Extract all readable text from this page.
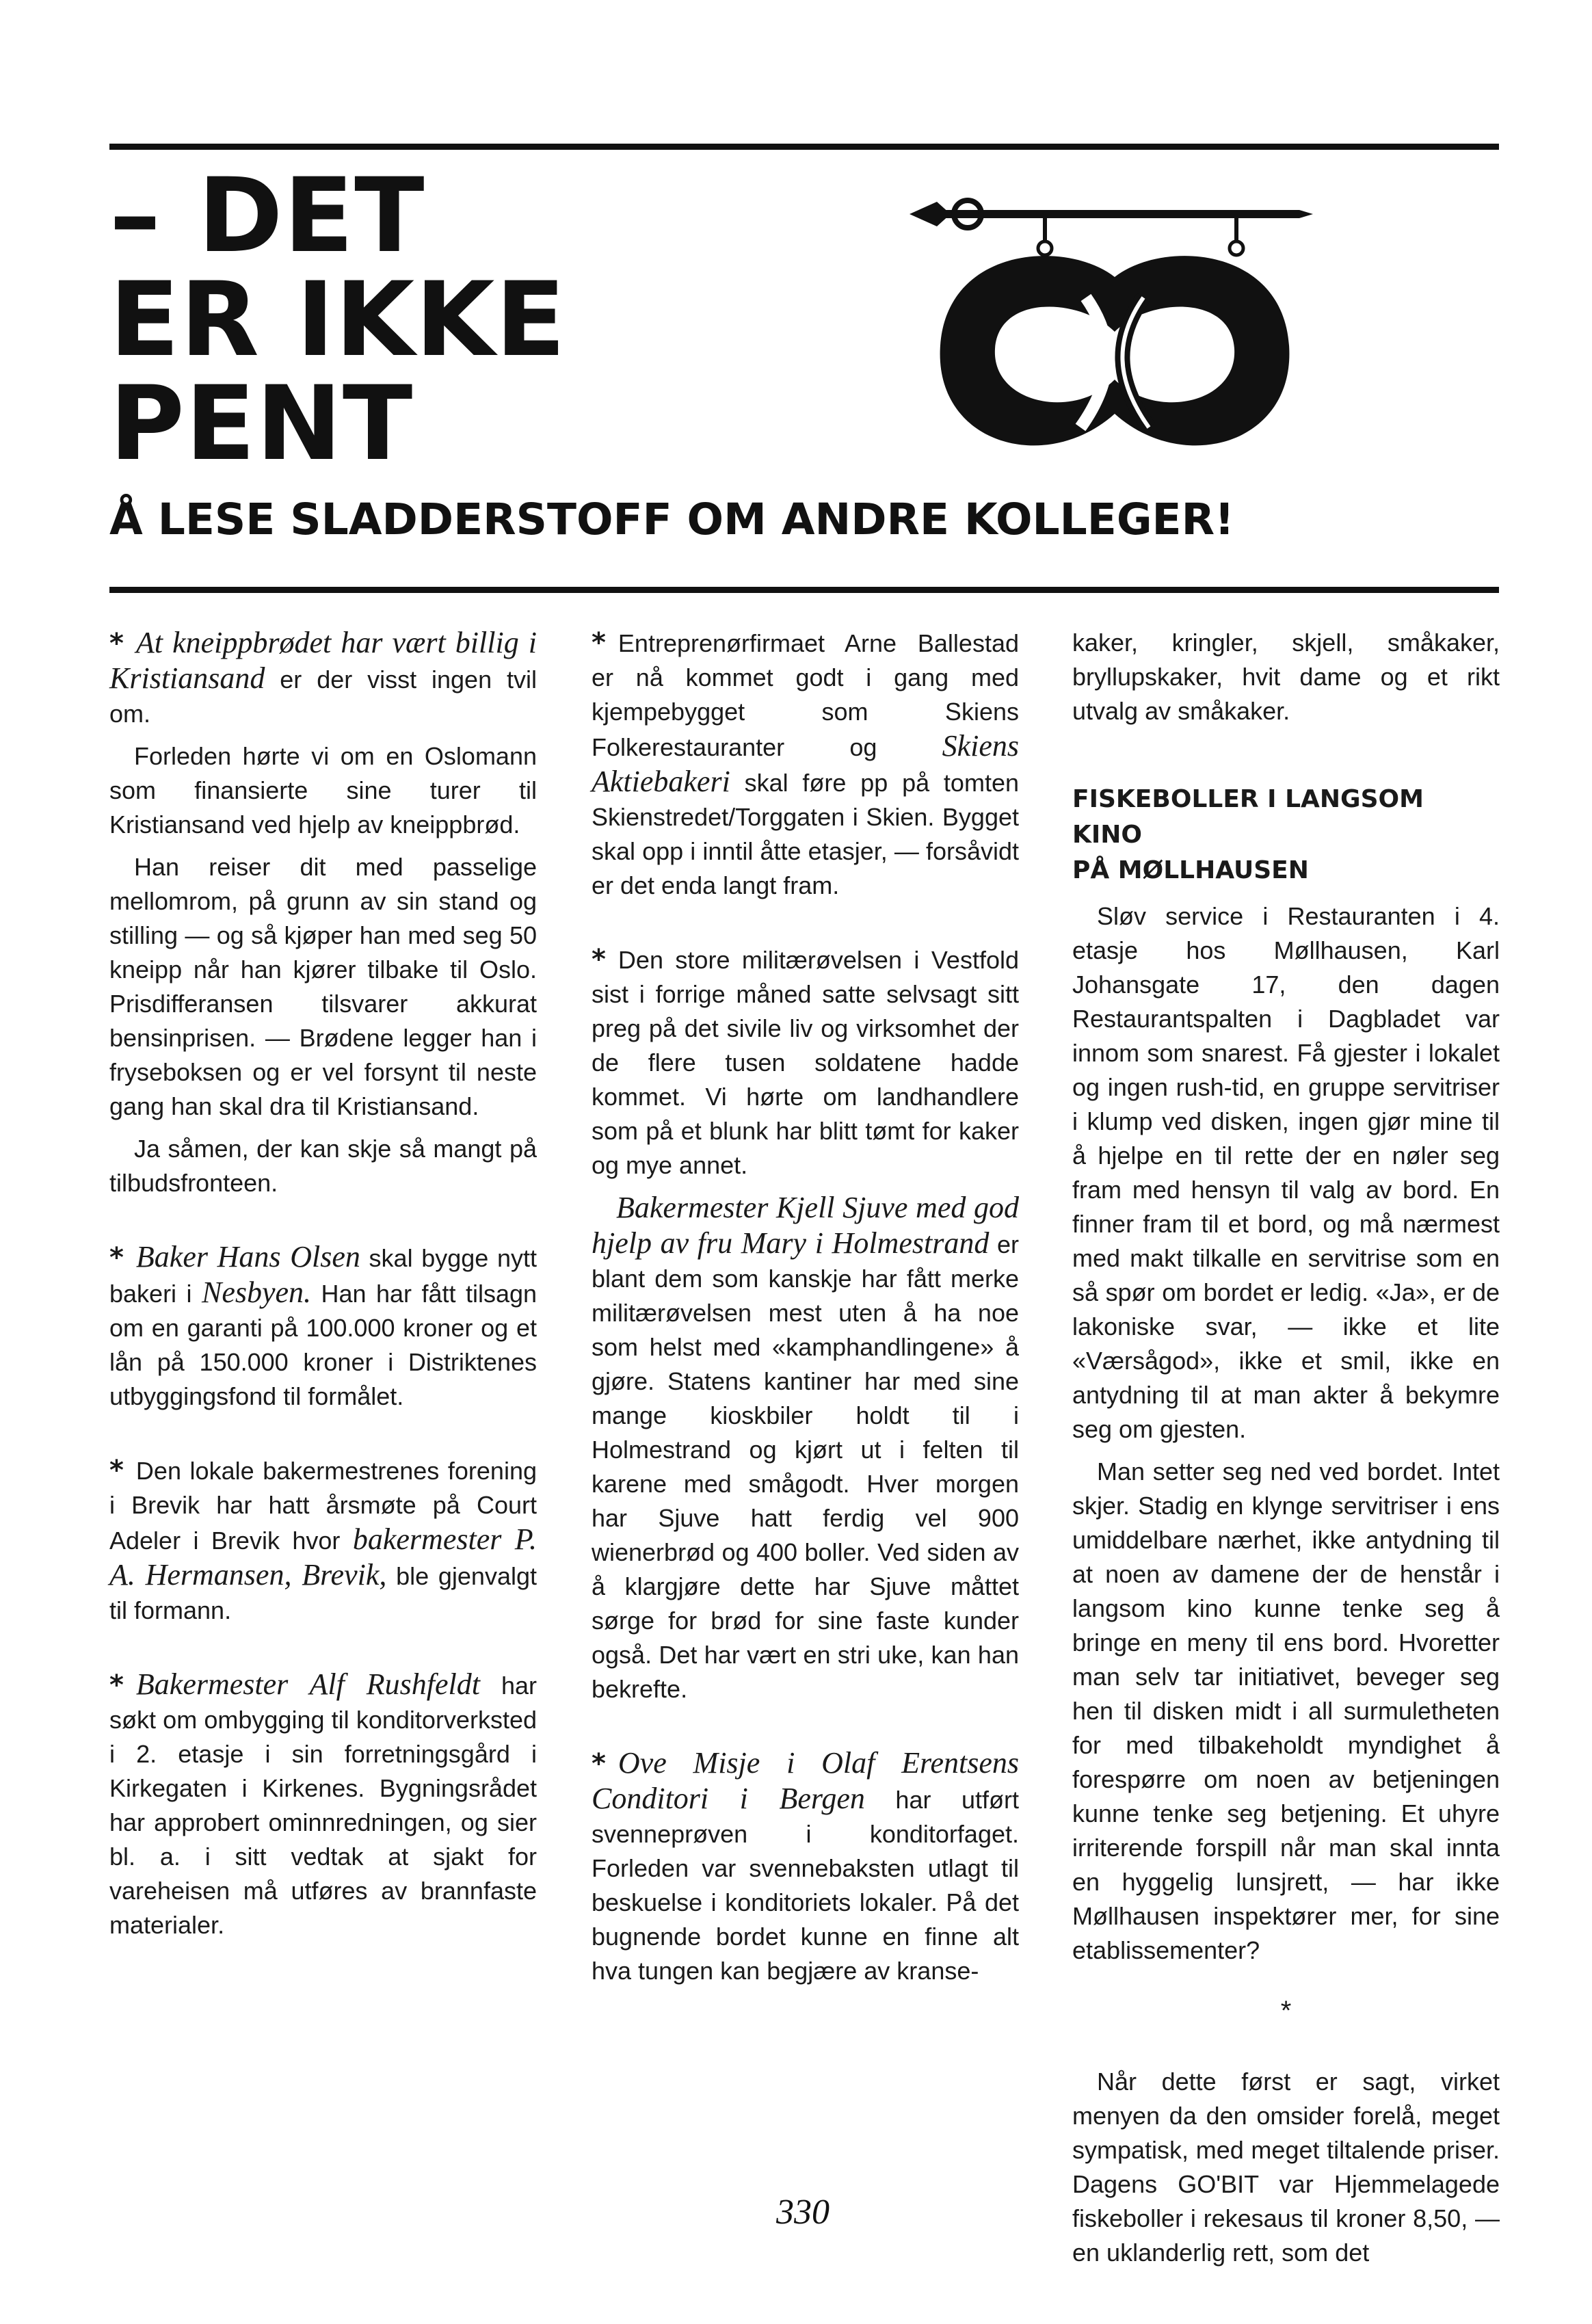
– DET
ER IKKE
PENT
Å LESE SLADDERSTOFF OM ANDRE KOLLEGER!

* At kneippbrødet har vært billig i Kristiansand er der visst ingen tvil om.

Forleden hørte vi om en Oslomann som finansierte sine turer til Kristiansand ved hjelp av kneippbrød.

Han reiser dit med passelige mellomrom, på grunn av sin stand og stilling — og så kjøper han med seg 50 kneipp når han kjører tilbake til Oslo. Prisdifferansen tilsvarer akkurat bensinprisen. — Brødene legger han i fryseboksen og er vel forsynt til neste gang han skal dra til Kristiansand.

Ja såmen, der kan skje så mangt på tilbudsfronteen.

* Baker Hans Olsen skal bygge nytt bakeri i Nesbyen. Han har fått tilsagn om en garanti på 100.000 kroner og et lån på 150.000 kroner i Distriktenes utbyggingsfond til formålet.

* Den lokale bakermestrenes forening i Brevik har hatt årsmøte på Court Adeler i Brevik hvor bakermester P. A. Hermansen, Brevik, ble gjenvalgt til formann.

* Bakermester Alf Rushfeldt har søkt om ombygging til konditorverksted i 2. etasje i sin forretningsgård i Kirkegaten i Kirkenes. Bygningsrådet har approbert ominnredningen, og sier bl. a. i sitt vedtak at sjakt for vareheisen må utføres av brannfaste materialer.

* Entreprenørfirmaet Arne Ballestad er nå kommet godt i gang med kjempebygget som Skiens Folkerestauranter og Skiens Aktiebakeri skal føre pp på tomten Skienstredet/Torggaten i Skien. Bygget skal opp i inntil åtte etasjer, — forsåvidt er det enda langt fram.

* Den store militærøvelsen i Vestfold sist i forrige måned satte selvsagt sitt preg på det sivile liv og virksomhet der de flere tusen soldatene hadde kommet. Vi hørte om landhandlere som på et blunk har blitt tømt for kaker og mye annet.

Bakermester Kjell Sjuve med god hjelp av fru Mary i Holmestrand er blant dem som kanskje har fått merke militærøvelsen mest uten å ha noe som helst med «kamphandlingene» å gjøre. Statens kantiner har med sine mange kioskbiler holdt til i Holmestrand og kjørt ut i felten til karene med smågodt. Hver morgen har Sjuve hatt ferdig vel 900 wienerbrød og 400 boller. Ved siden av å klargjøre dette har Sjuve måttet sørge for brød for sine faste kunder også. Det har vært en stri uke, kan han bekrefte.

* Ove Misje i Olaf Erentsens Conditori i Bergen har utført svenneprøven i konditorfaget. Forleden var svennebaksten utlagt til beskuelse i konditoriets lokaler. På det bugnende bordet kunne en finne alt hva tungen kan begjære av kranse-

kaker, kringler, skjell, småkaker, bryllupskaker, hvit dame og et rikt utvalg av småkaker.

FISKEBOLLER I LANGSOM KINO
PÅ MØLLHAUSEN

Sløv service i Restauranten i 4. etasje hos Møllhausen, Karl Johansgate 17, den dagen Restaurantspalten i Dagbladet var innom som snarest. Få gjester i lokalet og ingen rush-tid, en gruppe servitriser i klump ved disken, ingen gjør mine til å hjelpe en til rette der en nøler seg fram med hensyn til valg av bord. En finner fram til et bord, og må nærmest med makt tilkalle en servitrise som en så spør om bordet er ledig. «Ja», er de lakoniske svar, — ikke et lite «Værsågod», ikke et smil, ikke en antydning til at man akter å bekymre seg om gjesten.

Man setter seg ned ved bordet. Intet skjer. Stadig en klynge servitriser i ens umiddelbare nærhet, ikke antydning til at noen av damene der de henstår i langsom kino kunne tenke seg å bringe en meny til ens bord. Hvoretter man selv tar initiativet, beveger seg hen til disken midt i all surmuletheten for med tilbakeholdt myndighet å forespørre om noen av betjeningen kunne tenke seg betjening. Et uhyre irriterende forspill når man skal innta en hyggelig lunsjrett, — har ikke Møllhausen inspektører mer, for sine etablissementer?

*

Når dette først er sagt, virket menyen da den omsider forelå, meget sympatisk, med meget tiltalende priser. Dagens GO'BIT var Hjemmelagede fiskeboller i rekesaus til kroner 8,50, — en uklanderlig rett, som det

330
